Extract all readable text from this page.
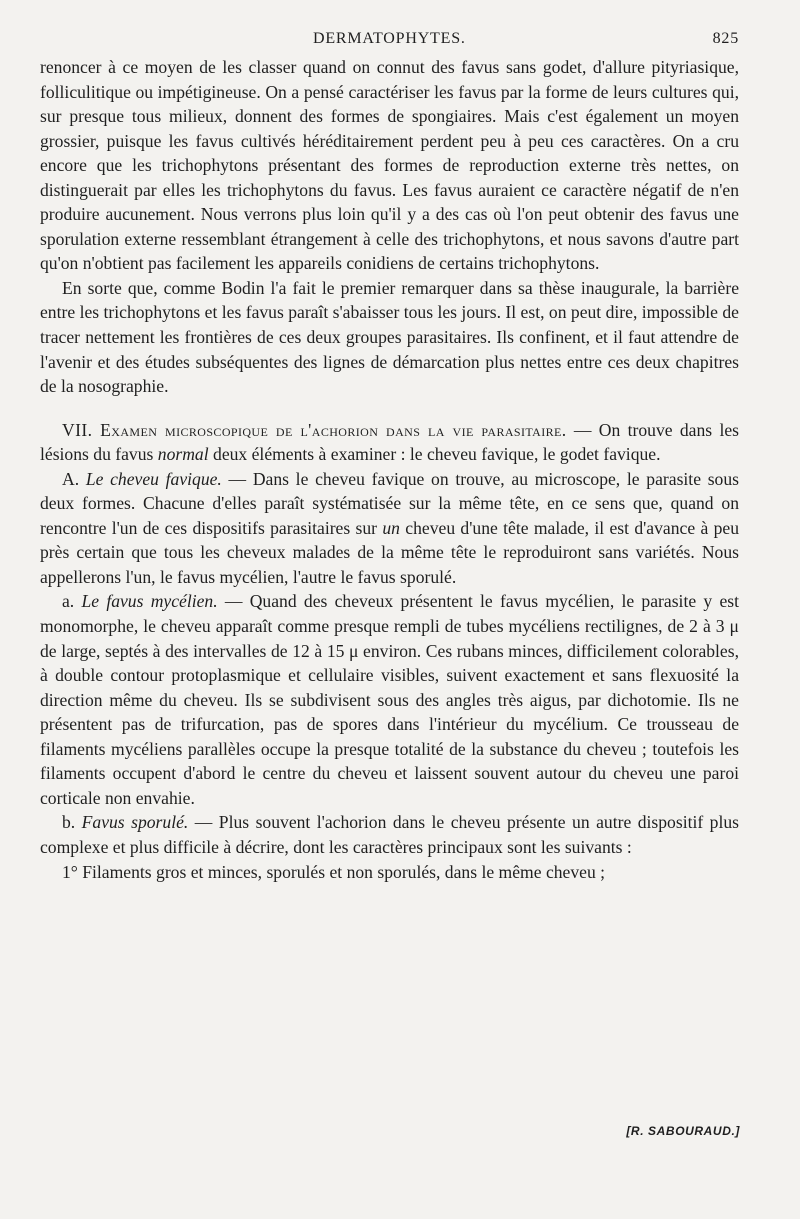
DERMATOPHYTES.	825

renoncer à ce moyen de les classer quand on connut des favus sans godet, d'allure pityriasique, folliculitique ou impétigineuse. On a pensé caractériser les favus par la forme de leurs cultures qui, sur presque tous milieux, donnent des formes de spongiaires. Mais c'est également un moyen grossier, puisque les favus cultivés héréditairement perdent peu à peu ces caractères. On a cru encore que les trichophytons présentant des formes de reproduction externe très nettes, on distinguerait par elles les trichophytons du favus. Les favus auraient ce caractère négatif de n'en produire aucunement. Nous verrons plus loin qu'il y a des cas où l'on peut obtenir des favus une sporulation externe ressemblant étrangement à celle des trichophytons, et nous savons d'autre part qu'on n'obtient pas facilement les appareils conidiens de certains trichophytons.

En sorte que, comme Bodin l'a fait le premier remarquer dans sa thèse inaugurale, la barrière entre les trichophytons et les favus paraît s'abaisser tous les jours. Il est, on peut dire, impossible de tracer nettement les frontières de ces deux groupes parasitaires. Ils confinent, et il faut attendre de l'avenir et des études subséquentes des lignes de démarcation plus nettes entre ces deux chapitres de la nosographie.

VII. Examen microscopique de l'achorion dans la vie parasitaire. — On trouve dans les lésions du favus normal deux éléments à examiner : le cheveu favique, le godet favique.

A. Le cheveu favique. — Dans le cheveu favique on trouve, au microscope, le parasite sous deux formes. Chacune d'elles paraît systématisée sur la même tête, en ce sens que, quand on rencontre l'un de ces dispositifs parasitaires sur un cheveu d'une tête malade, il est d'avance à peu près certain que tous les cheveux malades de la même tête le reproduiront sans variétés. Nous appellerons l'un, le favus mycélien, l'autre le favus sporulé.

a. Le favus mycélien. — Quand des cheveux présentent le favus mycélien, le parasite y est monomorphe, le cheveu apparaît comme presque rempli de tubes mycéliens rectilignes, de 2 à 3 μ de large, septés à des intervalles de 12 à 15 μ environ. Ces rubans minces, difficilement colorables, à double contour protoplasmique et cellulaire visibles, suivent exactement et sans flexuosité la direction même du cheveu. Ils se subdivisent sous des angles très aigus, par dichotomie. Ils ne présentent pas de trifurcation, pas de spores dans l'intérieur du mycélium. Ce trousseau de filaments mycéliens parallèles occupe la presque totalité de la substance du cheveu ; toutefois les filaments occupent d'abord le centre du cheveu et laissent souvent autour du cheveu une paroi corticale non envahie.

b. Favus sporulé. — Plus souvent l'achorion dans le cheveu présente un autre dispositif plus complexe et plus difficile à décrire, dont les caractères principaux sont les suivants :

1° Filaments gros et minces, sporulés et non sporulés, dans le même cheveu ;

[R. SABOURAUD.]
